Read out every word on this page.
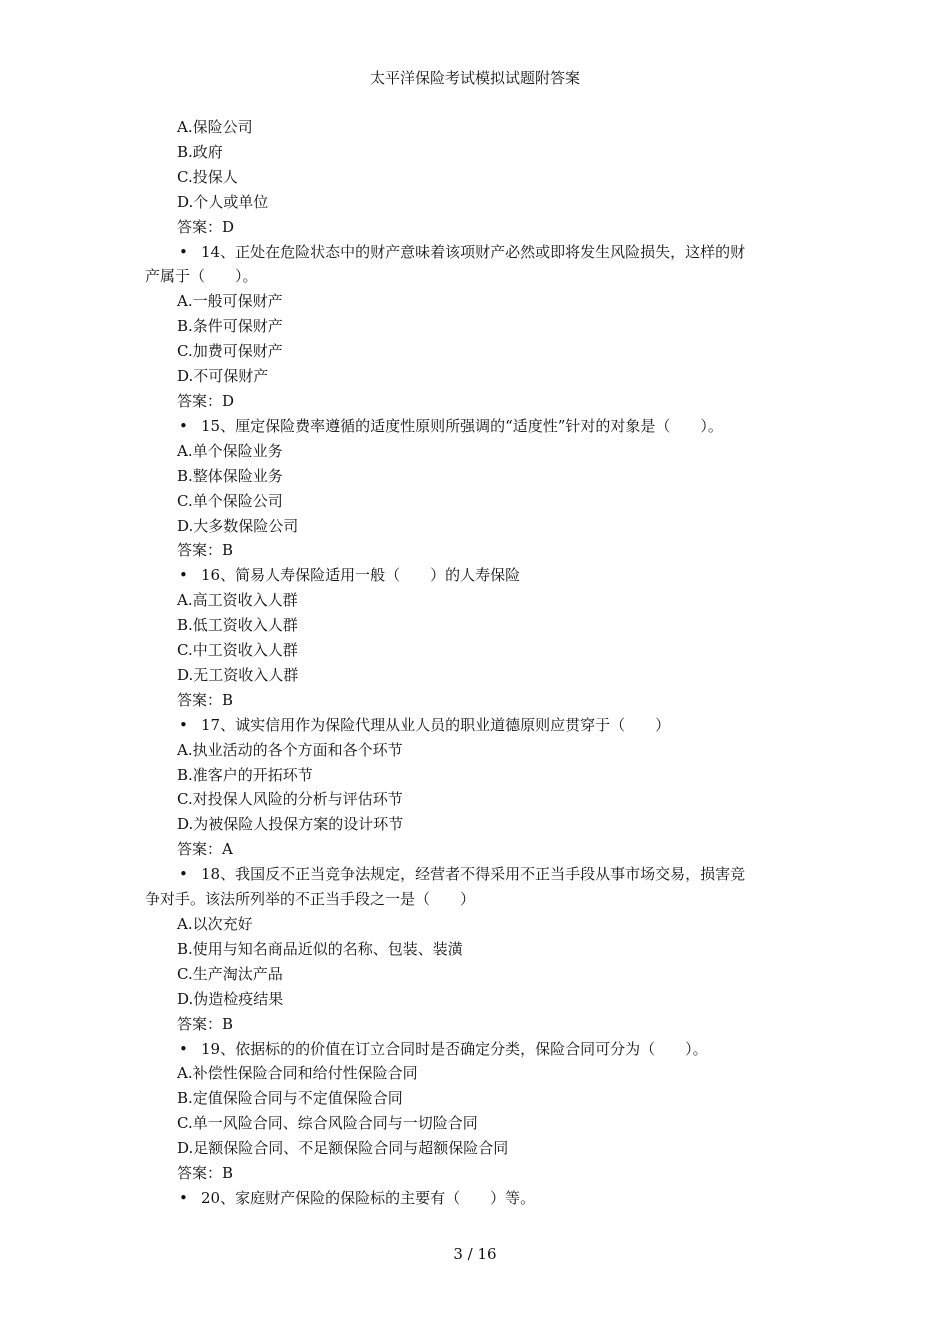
太平洋保险考试模拟试题附答案
A.保险公司
B.政府
C.投保人
D.个人或单位
答案：D
• 14、正处在危险状态中的财产意味着该项财产必然或即将发生风险损失，这样的财
产属于（　　）。
A.一般可保财产
B.条件可保财产
C.加费可保财产
D.不可保财产
答案：D
• 15、厘定保险费率遵循的适度性原则所强调的“适度性”针对的对象是（　　）。
A.单个保险业务
B.整体保险业务
C.单个保险公司
D.大多数保险公司
答案：B
• 16、简易人寿保险适用一般（　　）的人寿保险
A.高工资收入人群
B.低工资收入人群
C.中工资收入人群
D.无工资收入人群
答案：B
• 17、诚实信用作为保险代理从业人员的职业道德原则应贯穿于（　　）
A.执业活动的各个方面和各个环节
B.准客户的开拓环节
C.对投保人风险的分析与评估环节
D.为被保险人投保方案的设计环节
答案：A
• 18、我国反不正当竞争法规定，经营者不得采用不正当手段从事市场交易，损害竞
争对手。该法所列举的不正当手段之一是（　　）
A.以次充好
B.使用与知名商品近似的名称、包装、装潢
C.生产淘汰产品
D.伪造检疫结果
答案：B
• 19、依据标的的价值在订立合同时是否确定分类，保险合同可分为（　　）。
A.补偿性保险合同和给付性保险合同
B.定值保险合同与不定值保险合同
C.单一风险合同、综合风险合同与一切险合同
D.足额保险合同、不足额保险合同与超额保险合同
答案：B
• 20、家庭财产保险的保险标的主要有（　　）等。
3 / 16
